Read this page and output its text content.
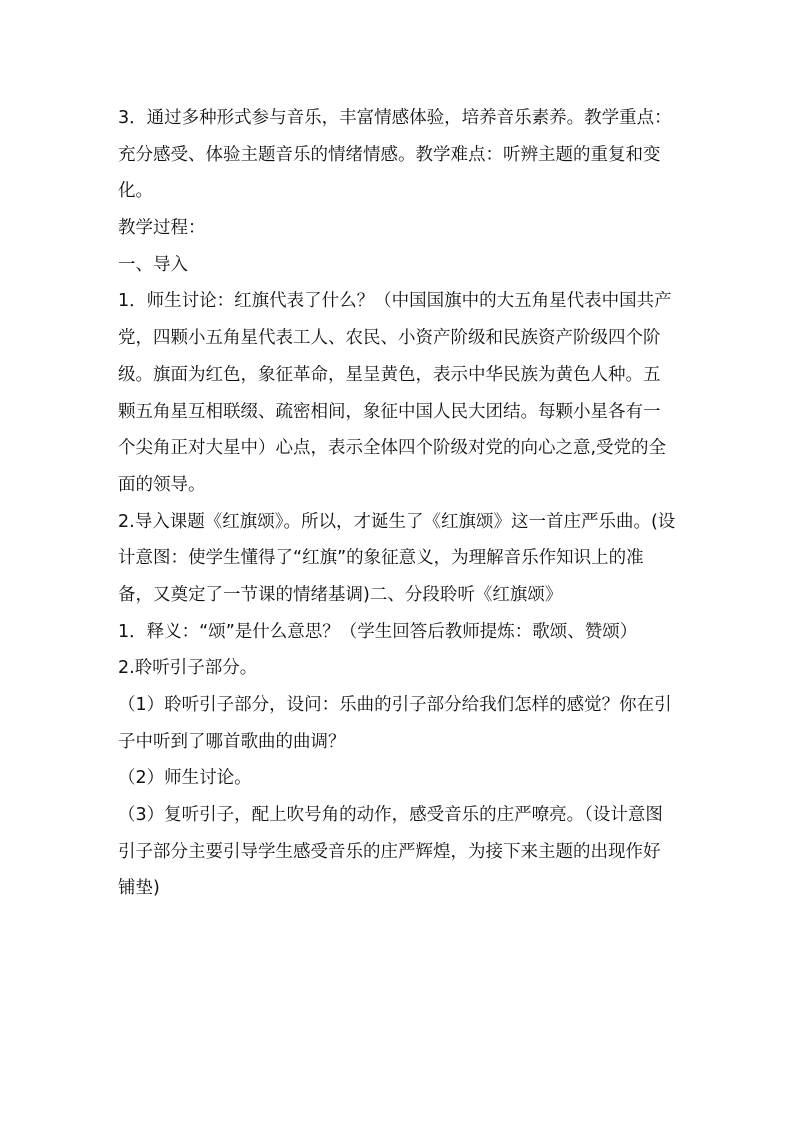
3．通过多种形式参与音乐，丰富情感体验，培养音乐素养。教学重点：
充分感受、体验主题音乐的情绪情感。教学难点：听辨主题的重复和变
化。
教学过程：
一、导入
1．师生讨论：红旗代表了什么？（中国国旗中的大五角星代表中国共产
党，四颗小五角星代表工人、农民、小资产阶级和民族资产阶级四个阶
级。旗面为红色，象征革命，星呈黄色，表示中华民族为黄色人种。五
颗五角星互相联缀、疏密相间，象征中国人民大团结。每颗小星各有一
个尖角正对大星中）心点，表示全体四个阶级对党的向心之意,受党的全
面的领导。
2.导入课题《红旗颂》。所以，才诞生了《红旗颂》这一首庄严乐曲。(设
计意图：使学生懂得了“红旗”的象征意义，为理解音乐作知识上的准
备，又奠定了一节课的情绪基调)二、分段聆听《红旗颂》
1．释义：“颂”是什么意思？（学生回答后教师提炼：歌颂、赞颂）
2.聆听引子部分。
（1）聆听引子部分，设问：乐曲的引子部分给我们怎样的感觉？你在引
子中听到了哪首歌曲的曲调？
（2）师生讨论。
（3）复听引子，配上吹号角的动作，感受音乐的庄严嘹亮。（设计意图
引子部分主要引导学生感受音乐的庄严辉煌，为接下来主题的出现作好
铺垫)
